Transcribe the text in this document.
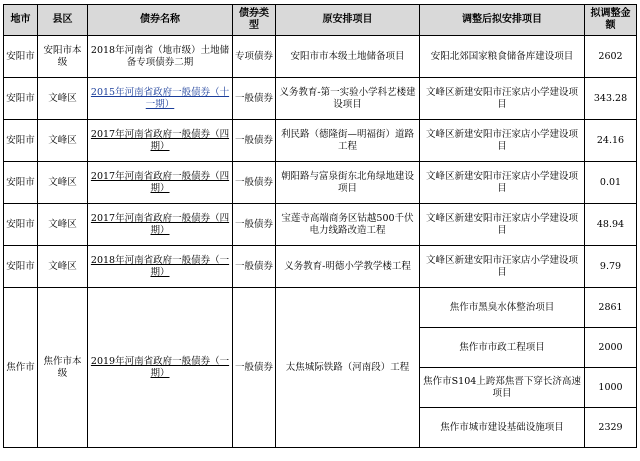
地市	县区	债券名称	债券类型	原安排项目	调整后拟安排项目	拟调整金额
安阳市	安阳市本级	2018年河南省（地市级）土地储备专项债券二期	专项债券	安阳市市本级土地储备项目	安阳北郊国家粮食储备库建设项目	2602
安阳市	文峰区	2015年河南省政府一般债券（十一期）	一般债券	义务教育-第一实验小学科艺楼建设项目	文峰区新建安阳市汪家店小学建设项目	343.28
安阳市	文峰区	2017年河南省政府一般债券（四期）	一般债券	利民路（德隆街—明福街）道路工程	文峰区新建安阳市汪家店小学建设项目	24.16
安阳市	文峰区	2017年河南省政府一般债券（四期）	一般债券	朝阳路与富泉街东北角绿地建设项目	文峰区新建安阳市汪家店小学建设项目	0.01
安阳市	文峰区	2017年河南省政府一般债券（四期）	一般债券	宝莲寺高端商务区钴越500千伏电力线路改造工程	文峰区新建安阳市汪家店小学建设项目	48.94
安阳市	文峰区	2018年河南省政府一般债券（一期）	一般债券	义务教育-明德小学教学楼工程	文峰区新建安阳市汪家店小学建设项目	9.79
焦作市	焦作市本级	2019年河南省政府一般债券（一期）	一般债券	太焦城际铁路（河南段）工程	焦作市黑臭水体整治项目	2861
					焦作市市政工程项目	2000
					焦作市S104上跨郑焦晋下穿长济高速项目	1000
					焦作市城市建设基础设施项目	2329
